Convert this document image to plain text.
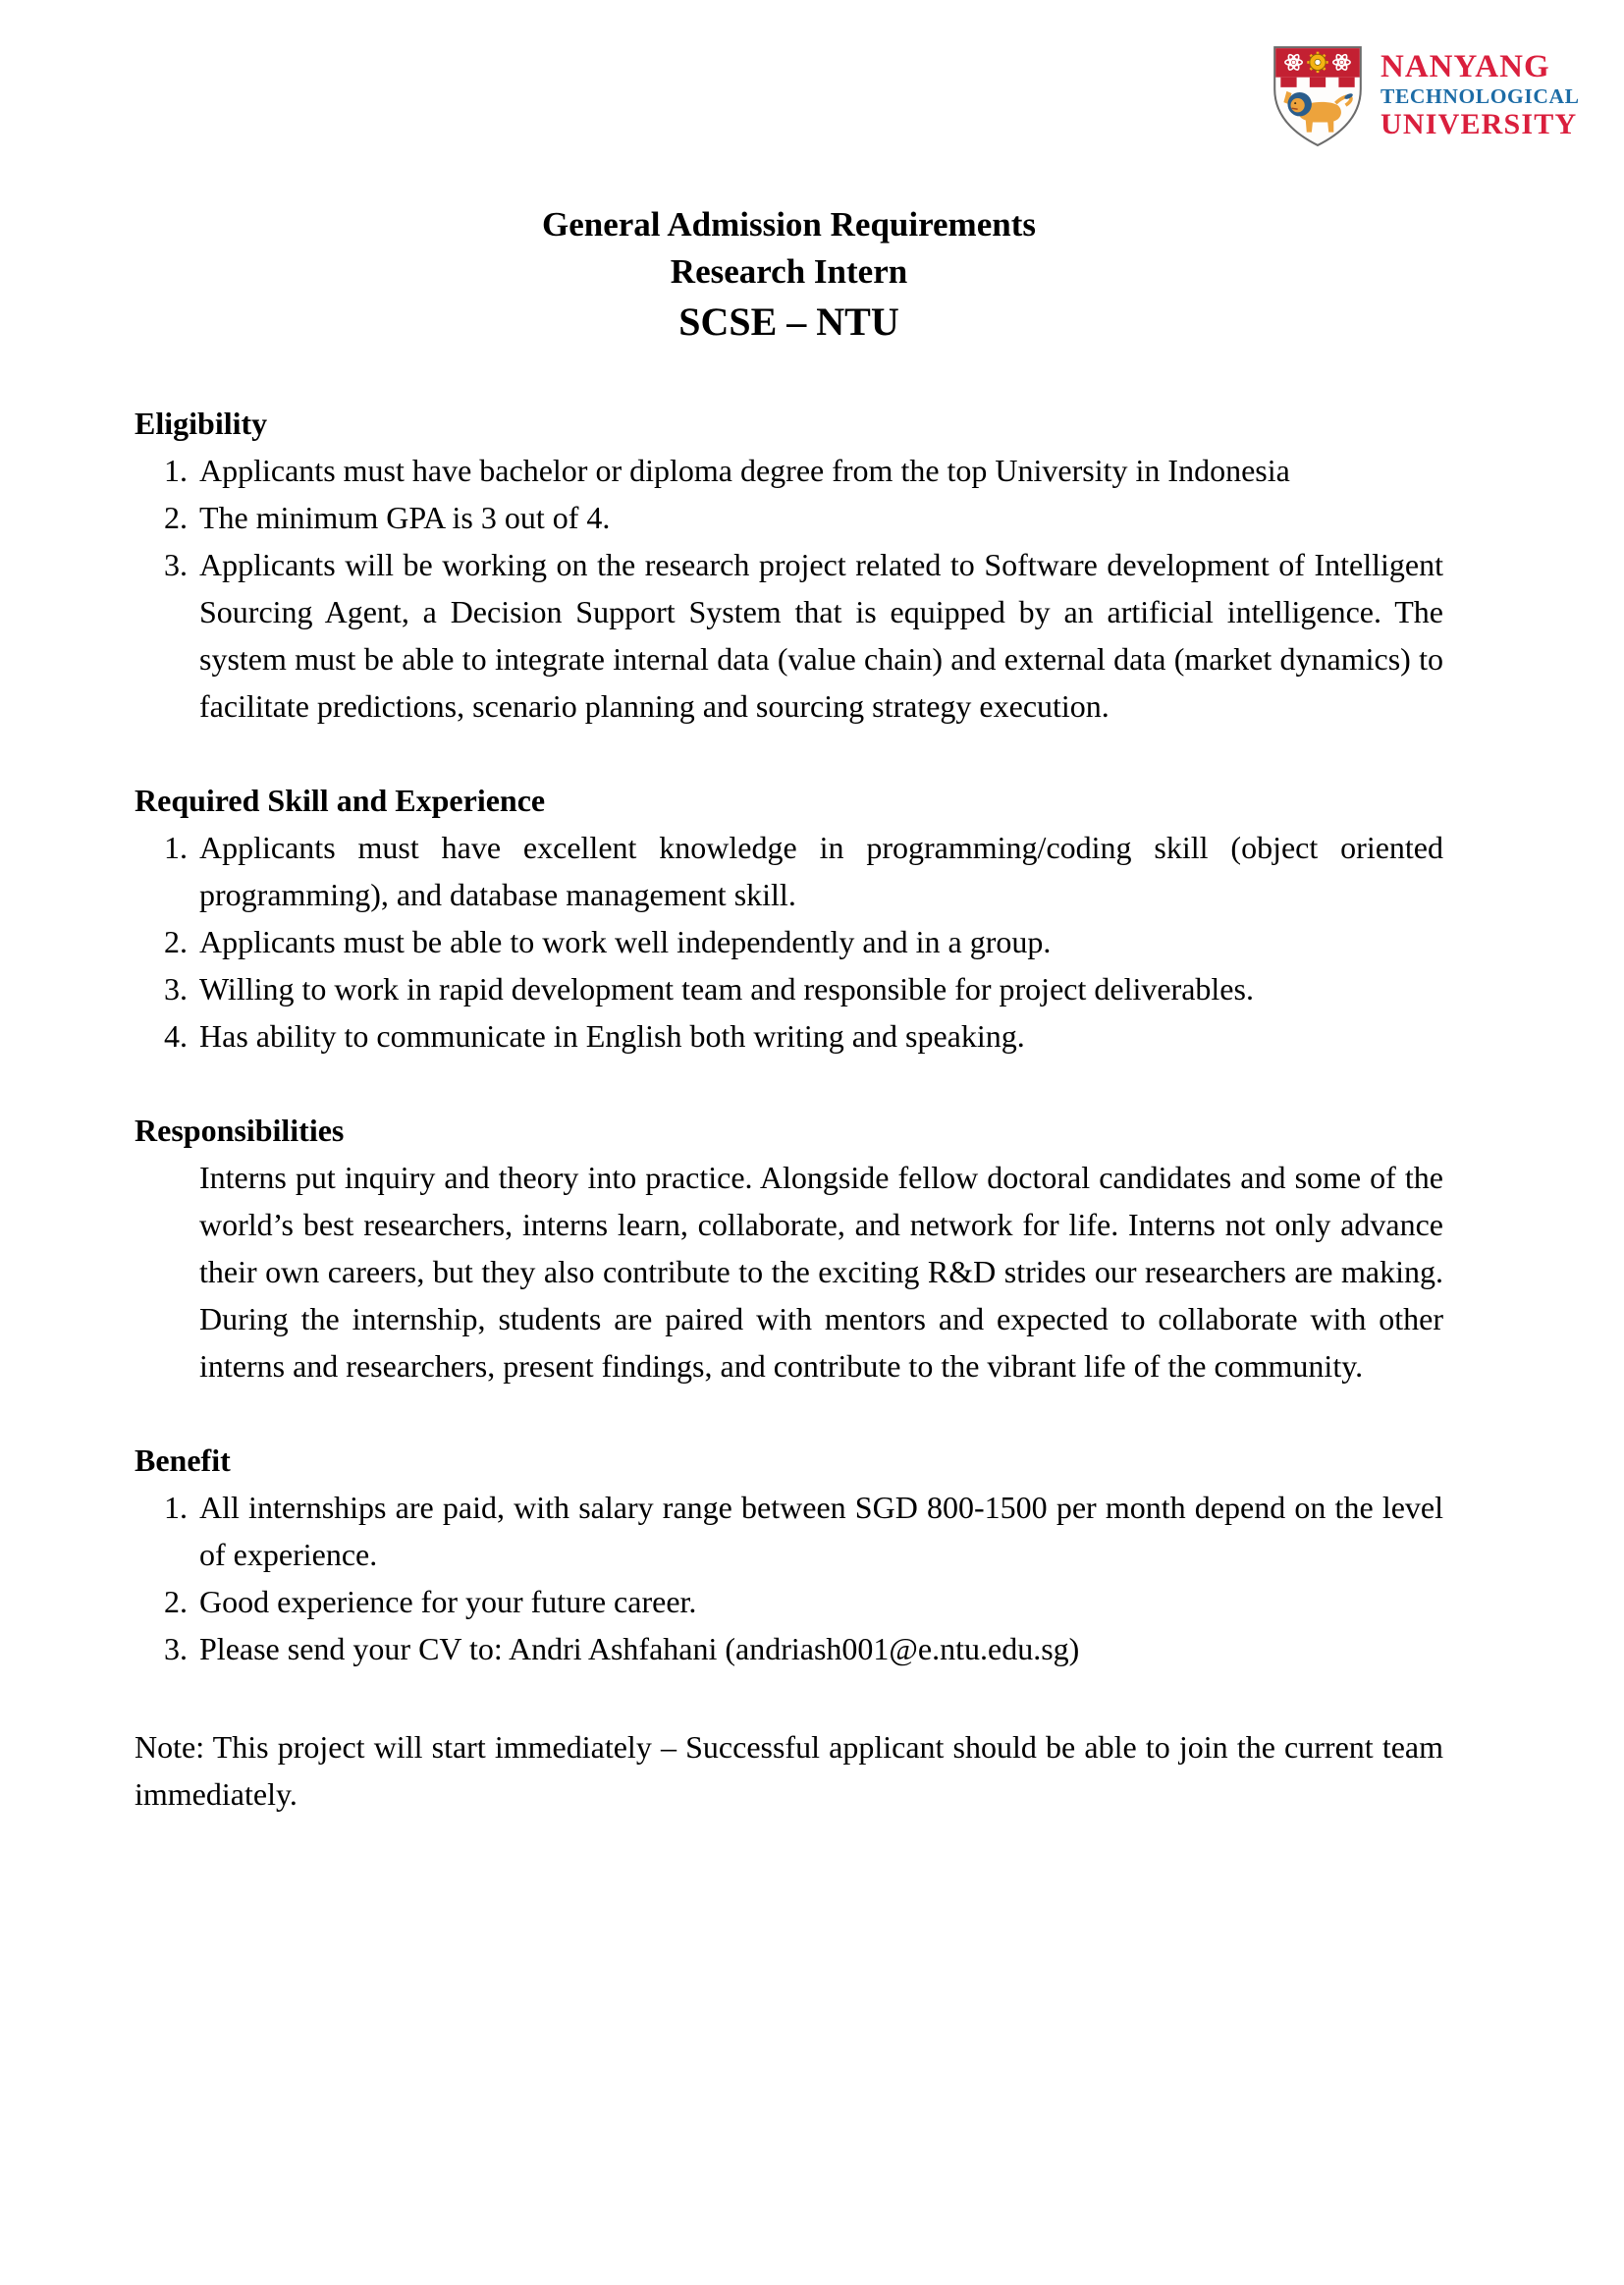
NANYANG
TECHNOLOGICAL
UNIVERSITY
General Admission Requirements
Research Intern
SCSE – NTU
Eligibility
1. Applicants must have bachelor or diploma degree from the top University in Indonesia
2. The minimum GPA is 3 out of 4.
3. Applicants will be working on the research project related to Software development of Intelligent Sourcing Agent, a Decision Support System that is equipped by an artificial intelligence. The system must be able to integrate internal data (value chain) and external data (market dynamics) to facilitate predictions, scenario planning and sourcing strategy execution.
Required Skill and Experience
1. Applicants must have excellent knowledge in programming/coding skill (object oriented programming), and database management skill.
2. Applicants must be able to work well independently and in a group.
3. Willing to work in rapid development team and responsible for project deliverables.
4. Has ability to communicate in English both writing and speaking.
Responsibilities

Interns put inquiry and theory into practice. Alongside fellow doctoral candidates and some of the world’s best researchers, interns learn, collaborate, and network for life. Interns not only advance their own careers, but they also contribute to the exciting R&D strides our researchers are making. During the internship, students are paired with mentors and expected to collaborate with other interns and researchers, present findings, and contribute to the vibrant life of the community.

Benefit
1. All internships are paid, with salary range between SGD 800-1500 per month depend on the level of experience.
2. Good experience for your future career.
3. Please send your CV to: Andri Ashfahani (andriash001@e.ntu.edu.sg)

Note: This project will start immediately – Successful applicant should be able to join the current team immediately.
